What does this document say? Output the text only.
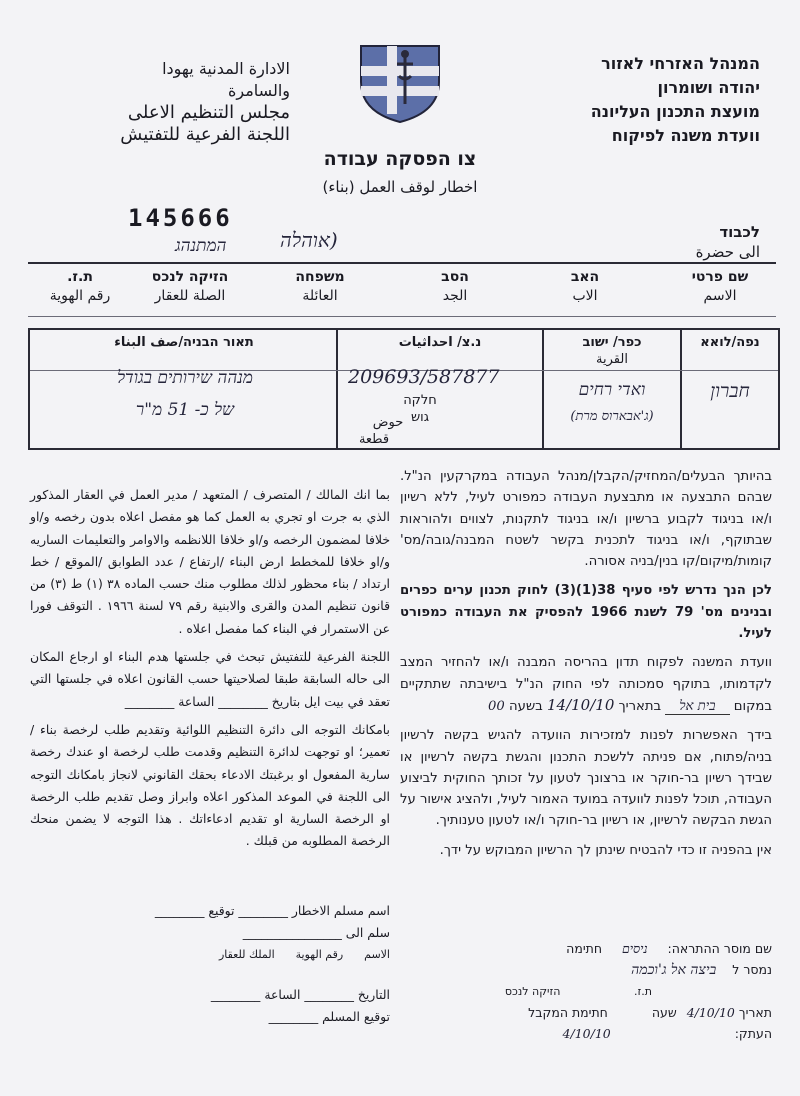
המנהל האזרחי לאזור
יהודה ושומרון
מועצת התכנון העליונה
וועדת משנה לפיקוח
الادارة المدنية يهودا
والسامرة
مجلس التنظيم الاعلى
اللجنة الفرعية للتفتيش
צו הפסקה עבודה
اخطار لوقف العمل (بناء)
לכבוד
الى حضرة
145666
המתנהג	(אוהלה
שם פרטי
الاسم
האב
الاب
הסב
الجد
משפחה
العائلة
הזיקה לנכס
الصلة للعقار
ת.ז.
رقم الهوية
נפה/לואא
חברון
כפר/ ישוב
القرية
ואדי רחים
(ג'אבארוס מרת)
נ.צ/ احداثيات
209693/587877
חלקה
גוש
حوض قطعة
תאור הבניה/صف البناء
מנהה שירותים בגודל
של כ- 51 מ"ר

בהיותך הבעלים/המחזיק/הקבלן/מנהל העבודה במקרקעין הנ"ל. שבהם התבצעה או מתבצעת העבודה כמפורט לעיל, ללא רשיון ו/או בניגוד לקבוע ברשיון ו/או בניגוד לתקנות, לצווים ולהוראות שבתוקף, ו/או בניגוד לתכנית בקשר לשטח המבנה/גובה/מס' קומות/מיקום/קו בנין/בניה אסורה.

לכן הנך נדרש לפי סעיף 38(1)(3) לחוק תכנון ערים כפרים ובנינים מס' 79 לשנת 1966 להפסיק את העבודה כמפורט לעיל.

וועדת המשנה לפקוח תדון בהריסה המבנה ו/או להחזיר המצב לקדמותו, בתוקף סמכותה לפי החוק הנ"ל בישיבתה שתתקיים במקום בית אל בתאריך 14/10/10 בשעה 00

בידך האפשרות לפנות למזכירות הוועדה להגיש בקשה לרשיון בניה/פתוח, אם פניתה ללשכת התכנון והגשת בקשה לרשיון או שבידך רשיון בר-חוקר או ברצונך לטעון על זכותך החוקית לביצוע העבודה, תוכל לפנות לוועדה במועד האמור לעיל, ולהציג אישור על הגשת הבקשה לרשיון, או רשיון בר-חוקר ו/או לטעון טענותיך.

אין בהפניה זו כדי להבטיח שינתן לך הרשיון המבוקש על ידך.

שם מוסר ההתראה: ניסים חתימה
נמסר ל ביצה אל ג'וכמה
ת.ז. הזיקה לנכס
תאריך 4/10/10 שעה חתימת המקבל
העתק: 4/10/10

بما انك المالك / المتصرف / المتعهد / مدير العمل في العقار المذكور الذي به جرت او تجري به العمل كما هو مفصل اعلاه بدون رخصه و/او خلافا لمضمون الرخصه و/او خلافا اللانظمه والاوامر والتعليمات الساريه و/او خلافا للمخطط ارض البناء /ارتفاع / عدد الطوابق /الموقع / خط ارتداد / بناء محظور لذلك مطلوب منك حسب الماده ٣٨ (١) ط (٣) من قانون تنظيم المدن والقرى والابنية رقم ٧٩ لسنة ١٩٦٦ . التوقف فورا عن الاستمرار في البناء كما مفصل اعلاه .

اللجنة الفرعية للتفتيش تبحث في جلستها هدم البناء او ارجاع المكان الى حاله السابقة طبقا لصلاحيتها حسب القانون اعلاه في جلستها التي تعقد في بيت ايل بتاريخ ________ الساعة ________

بامكانك التوجه الى دائرة التنظيم اللوائية وتقديم طلب لرخصة بناء / تعمير؛ او توجهت لدائرة التنظيم وقدمت طلب لرخصة او عندك رخصة سارية المفعول او برغبتك الادعاء بحقك القانوني لانجاز بامكانك التوجه الى اللجنة في الموعد المذكور اعلاه وابراز وصل تقديم طلب الرخصة او الرخصة السارية او تقديم ادعاءاتك . هذا التوجه لا يضمن منحك الرخصة المطلوبه من قبلك .

اسم مسلم الاخطار ________ توقيع ________
سلم الى ________________
الاسم      رقم الهوية      الملك للعقار
التاريخ ________ الساعة ________
توقيع المسلم ________
